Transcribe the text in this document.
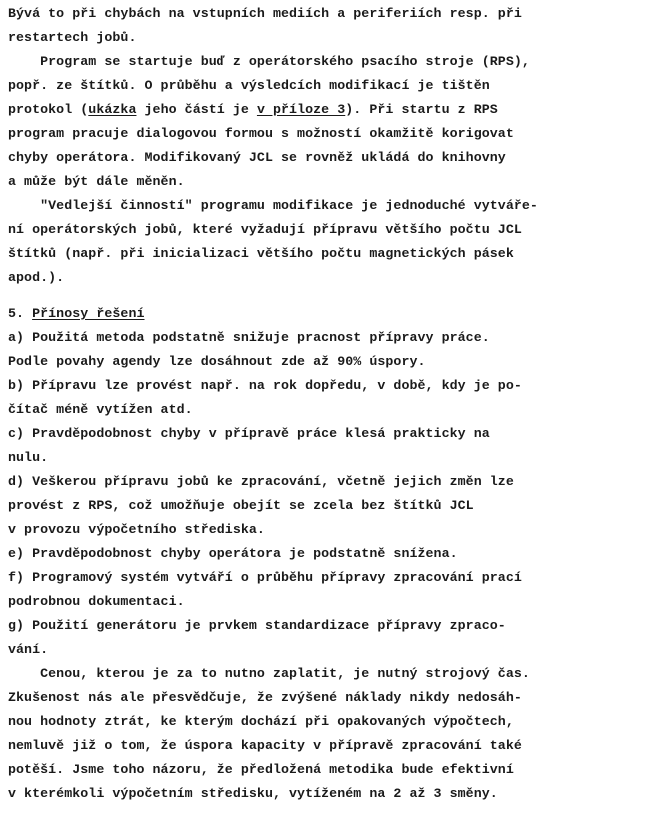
Bývá to při chybách na vstupních mediích a periferiích resp. při
restartech jobů.
Program se startuje buď z operátorského psacího stroje (RPS),
popř. ze štítků. O průběhu a výsledcích modifikací je tištěn
protokol (ukázka jeho částí je v příloze 3). Při startu z RPS
program pracuje dialogovou formou s možností okamžitě korigovat
chyby operátora. Modifikovaný JCL se rovněž ukládá do knihovny
a může být dále měněn.
"Vedlejší činností" programu modifikace je jednoduché vytváře-
ní operátorských jobů, které vyžadují přípravu většího počtu JCL
štítků (např. při inicializaci většího počtu magnetických pásek
apod.).
5. Přínosy řešení
a) Použitá metoda podstatně snižuje pracnost přípravy práce.
Podle povahy agendy lze dosáhnout zde až 90% úspory.
b) Přípravu lze provést např. na rok dopředu, v době, kdy je po-
čítač méně vytížen atd.
c) Pravděpodobnost chyby v přípravě práce klesá prakticky na
nulu.
d) Veškerou přípravu jobů ke zpracování, včetně jejich změn lze
provést z RPS, což umožňuje obejít se zcela bez štítků JCL
v provozu výpočetního střediska.
e) Pravděpodobnost chyby operátora je podstatně snížena.
f) Programový systém vytváří o průběhu přípravy zpracování prací
podrobnou dokumentaci.
g) Použití generátoru je prvkem standardizace přípravy zpraco-
vání.
Cenou, kterou je za to nutno zaplatit, je nutný strojový čas.
Zkušenost nás ale přesvědčuje, že zvýšené náklady nikdy nedosáh-
nou hodnoty ztrát, ke kterým dochází při opakovaných výpočtech,
nemluvě již o tom, že úspora kapacity v přípravě zpracování také
potěší. Jsme toho názoru, že předložená metodika bude efektivní
v kterémkoli výpočetním středisku, vytíženém na 2 až 3 směny.
